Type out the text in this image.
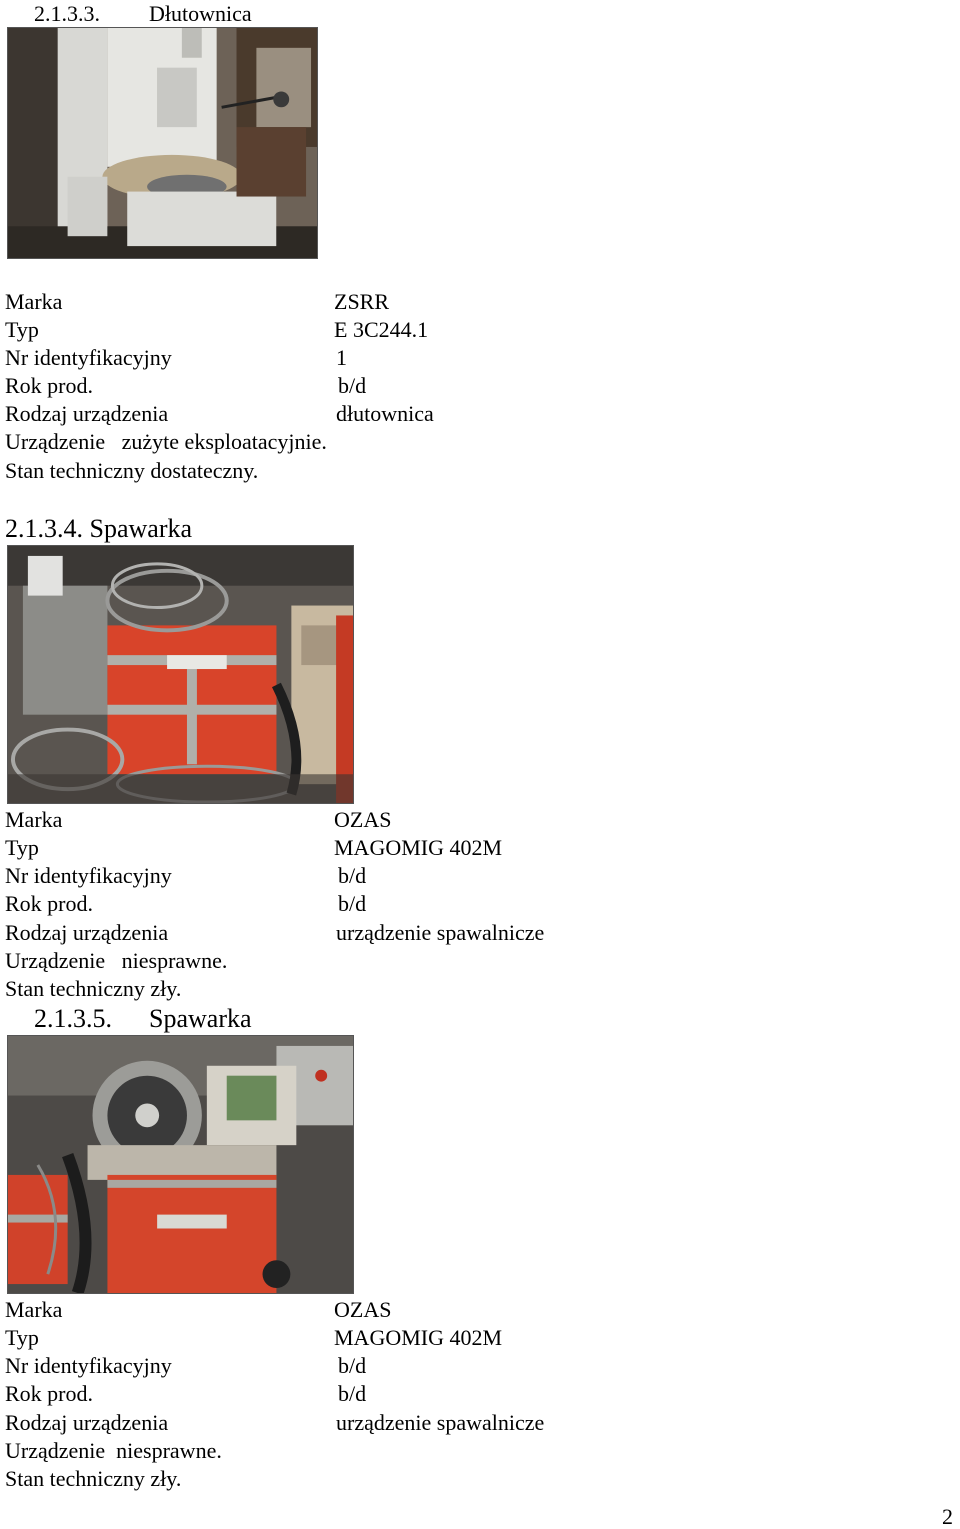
2.1.3.3. Dłutownica
Marka	ZSRR
Typ	E 3C244.1
Nr identyfikacyjny	1
Rok prod.	b/d
Rodzaj urządzenia	dłutownica
Urządzenie   zużyte eksploatacyjnie.
Stan techniczny dostateczny.
2.1.3.4. Spawarka
Marka	OZAS
Typ	MAGOMIG 402M
Nr identyfikacyjny	b/d
Rok prod.	b/d
Rodzaj urządzenia	urządzenie spawalnicze
Urządzenie   niesprawne.
Stan techniczny zły.
2.1.3.5. Spawarka
Marka	OZAS
Typ	MAGOMIG 402M
Nr identyfikacyjny	b/d
Rok prod.	b/d
Rodzaj urządzenia	urządzenie spawalnicze
Urządzenie  niesprawne.
Stan techniczny zły.
2
